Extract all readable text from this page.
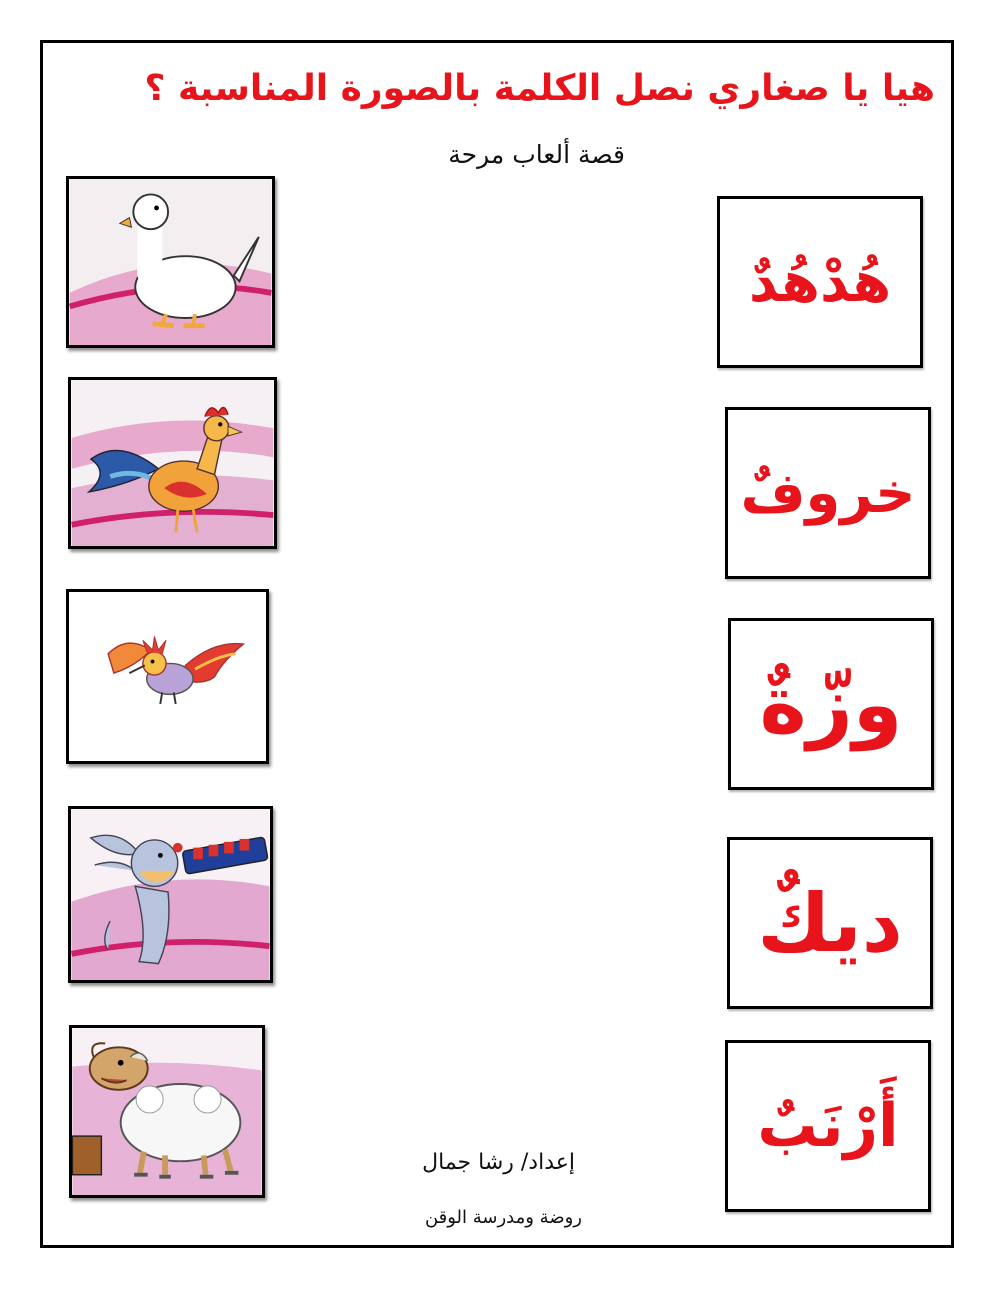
هيا يا صغاري نصل الكلمة بالصورة المناسبة ؟
قصة ألعاب مرحة
هُدْهُدٌ
خروفٌ
وزّةٌ
ديكٌ
أَرْنَبٌ
إعداد/ رشا جمال
روضة ومدرسة الوقن
